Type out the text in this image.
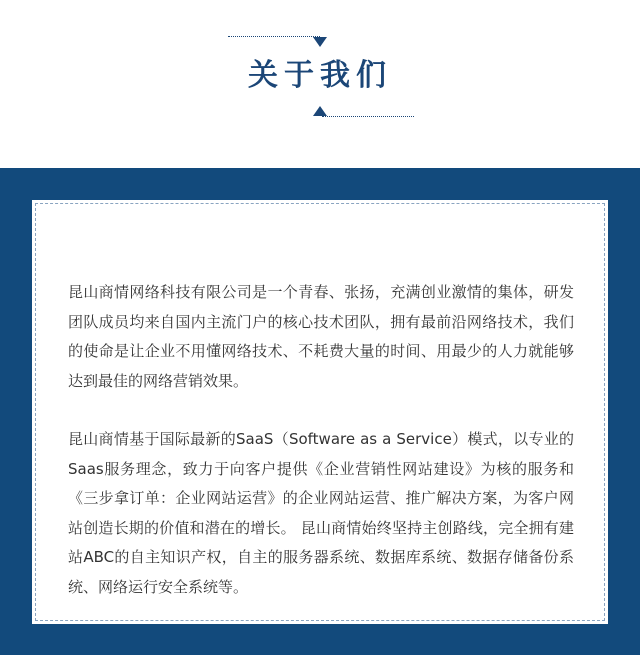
关于我们

昆山商情网络科技有限公司是一个青春、张扬，充满创业激情的集体，研发团队成员均来自国内主流门户的核心技术团队，拥有最前沿网络技术，我们的使命是让企业不用懂网络技术、不耗费大量的时间、用最少的人力就能够达到最佳的网络营销效果。

昆山商情基于国际最新的SaaS（Software as a Service）模式，以专业的Saas服务理念，致力于向客户提供《企业营销性网站建设》为核的服务和《三步拿订单：企业网站运营》的企业网站运营、推广解决方案，为客户网站创造长期的价值和潜在的增长。 昆山商情始终坚持主创路线，完全拥有建站ABC的自主知识产权，自主的服务器系统、数据库系统、数据存储备份系统、网络运行安全系统等。
